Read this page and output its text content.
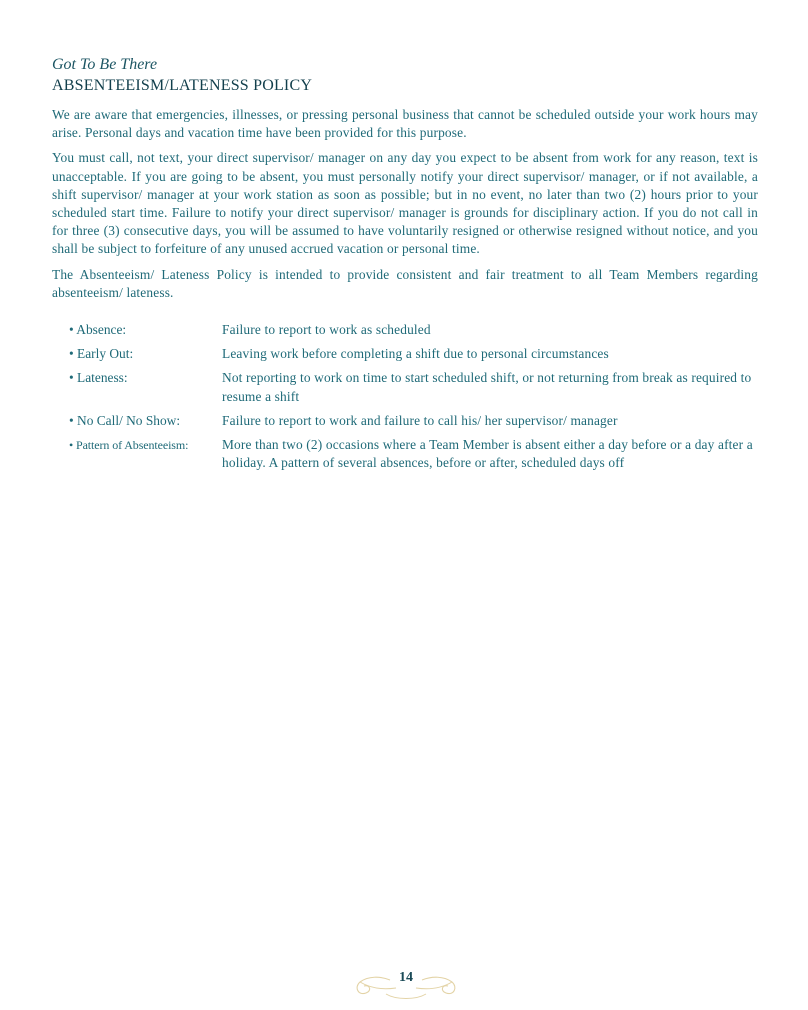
Got To Be There

ABSENTEEISM/LATENESS POLICY

We are aware that emergencies, illnesses, or pressing personal business that cannot be scheduled outside your work hours may arise. Personal days and vacation time have been provided for this purpose.

You must call, not text, your direct supervisor/ manager on any day you expect to be absent from work for any reason, text is unacceptable. If you are going to be absent, you must personally notify your direct supervisor/ manager, or if not available, a shift supervisor/ manager at your work station as soon as possible; but in no event, no later than two (2) hours prior to your scheduled start time. Failure to notify your direct supervisor/ manager is grounds for disciplinary action. If you do not call in for three (3) consecutive days, you will be assumed to have voluntarily resigned or otherwise resigned without notice, and you shall be subject to forfeiture of any unused accrued vacation or personal time.

The Absenteeism/ Lateness Policy is intended to provide consistent and fair treatment to all Team Members regarding absenteeism/ lateness.

• Absence:	Failure to report to work as scheduled
• Early Out:	Leaving work before completing a shift due to personal circumstances
• Lateness:	Not reporting to work on time to start scheduled shift, or not returning from break as required to resume a shift
• No Call/ No Show:	Failure to report to work and failure to call his/ her supervisor/ manager
• Pattern of Absenteeism:	More than two (2) occasions where a Team Member is absent either a day before or a day after a holiday. A pattern of several absences, before or after, scheduled days off
14
